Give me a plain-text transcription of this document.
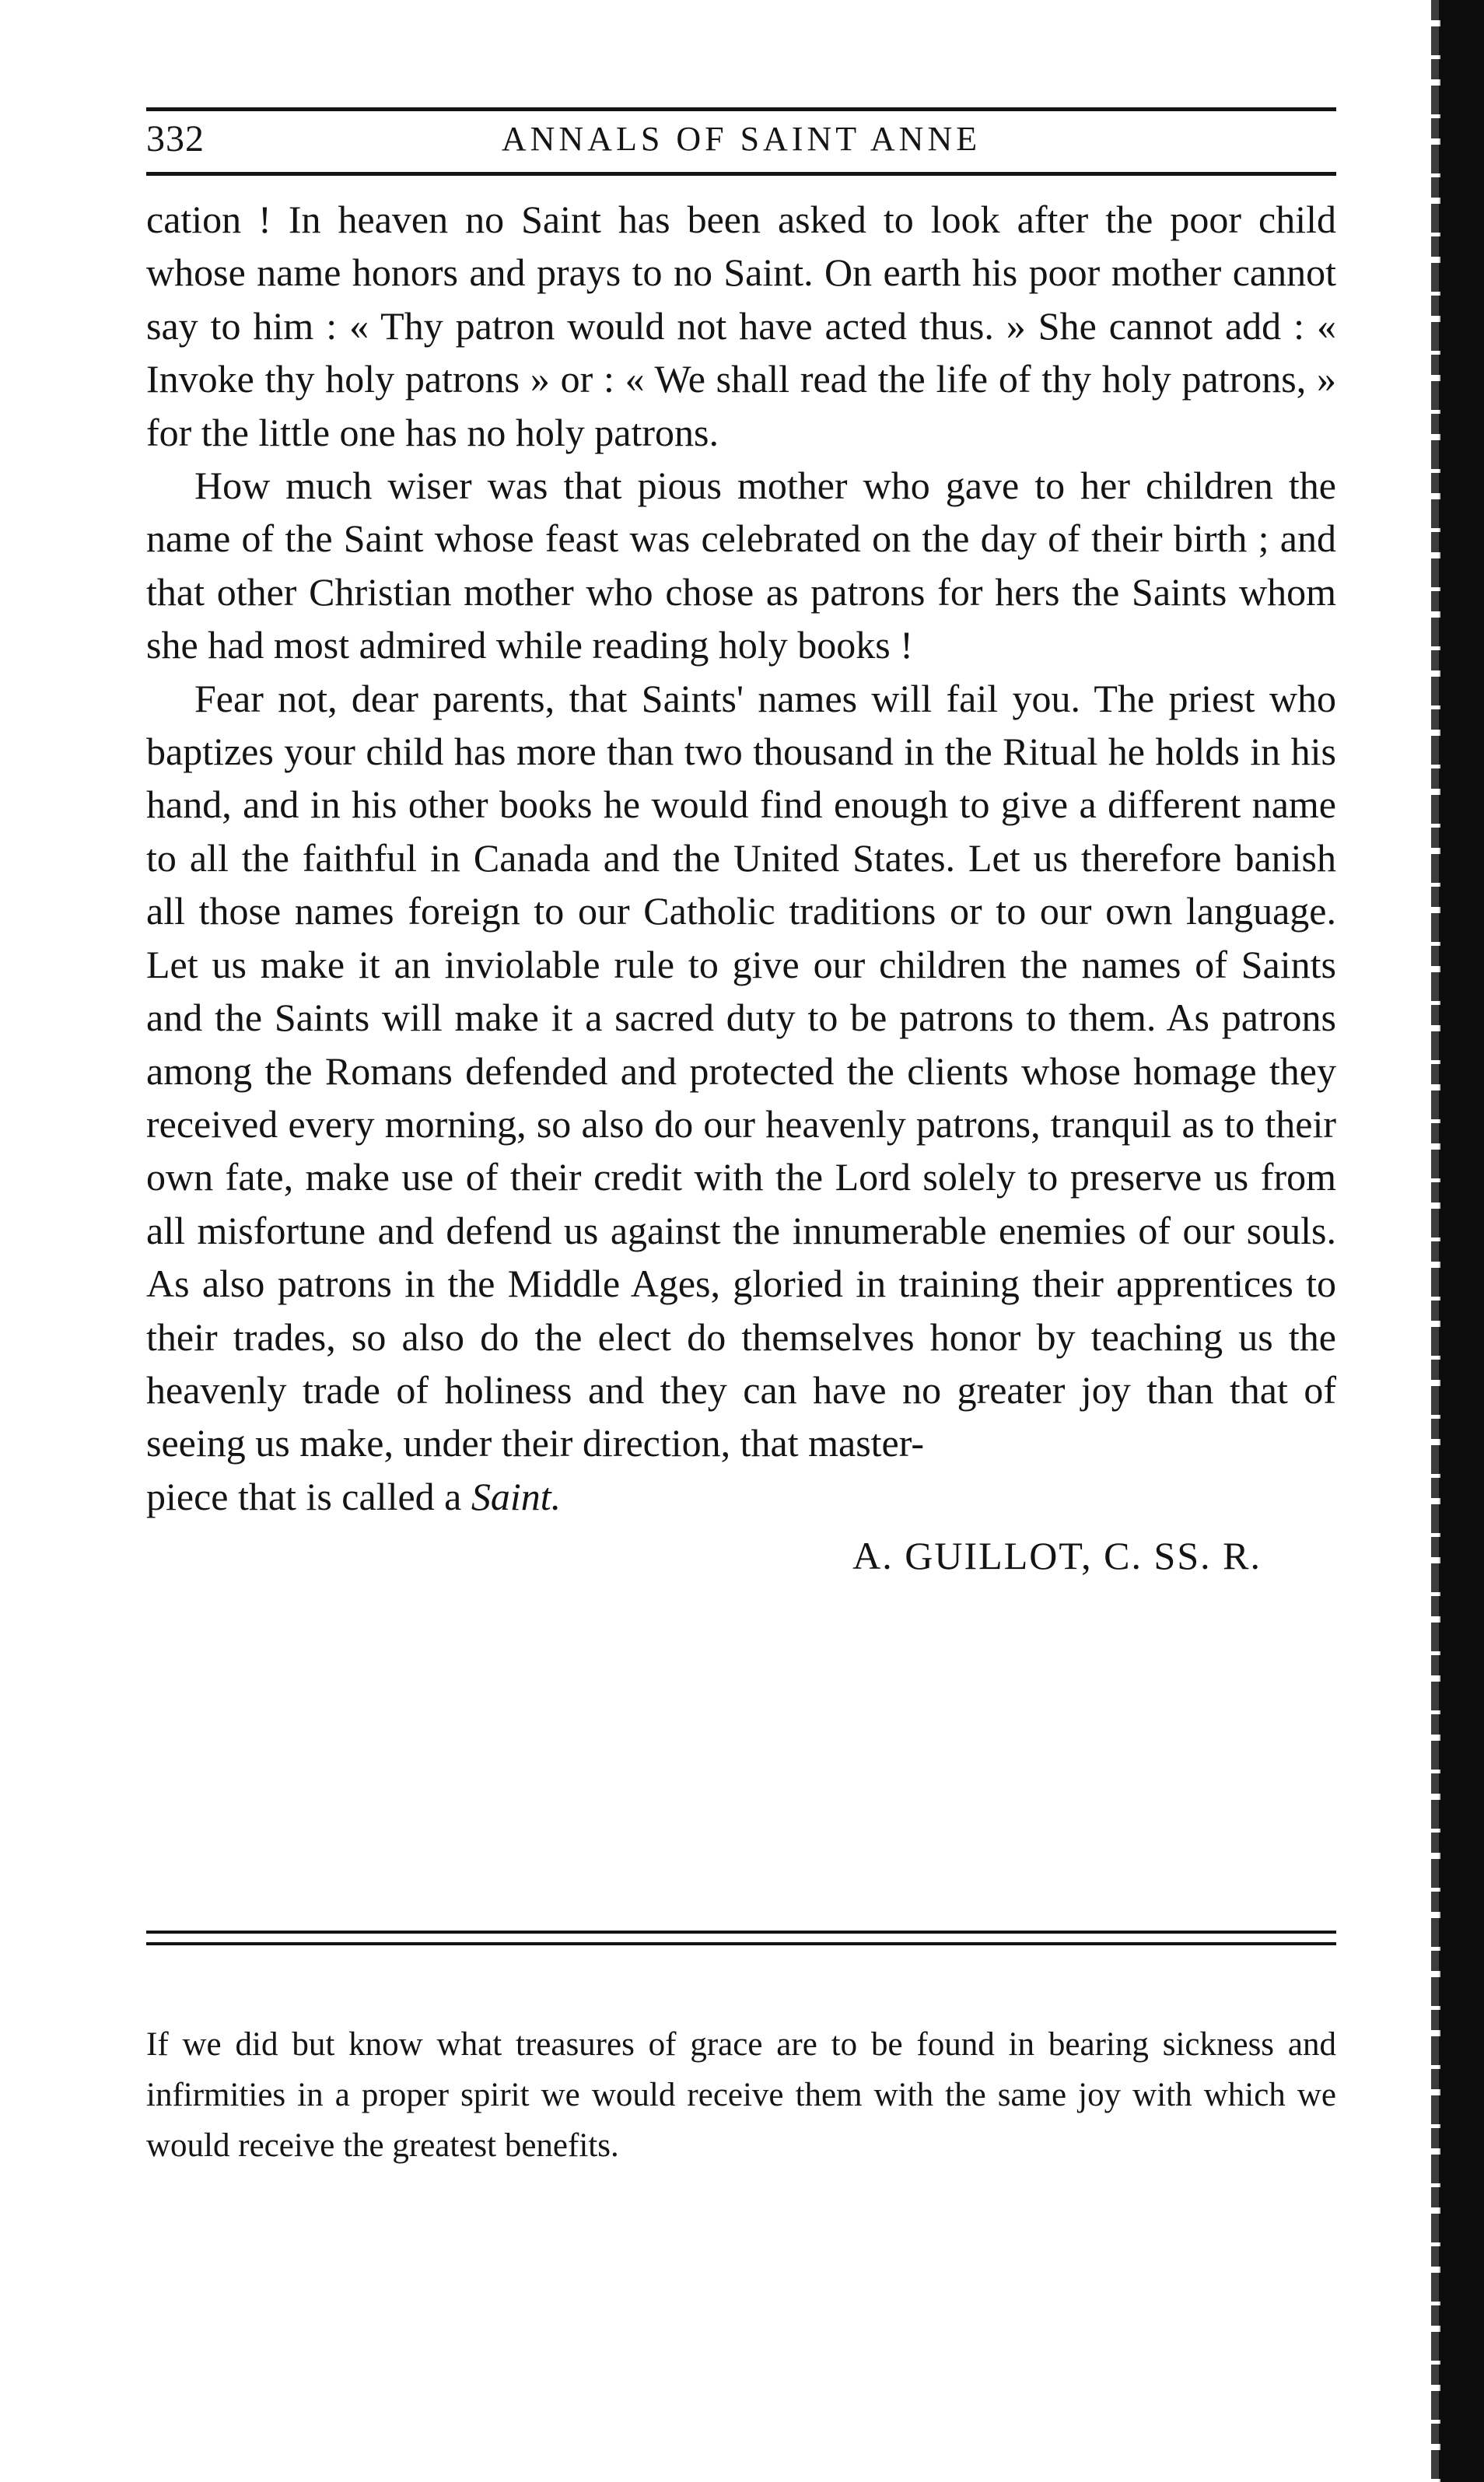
332	ANNALS OF SAINT ANNE

cation ! In heaven no Saint has been asked to look after the poor child whose name honors and prays to no Saint. On earth his poor mother cannot say to him : « Thy patron would not have acted thus. » She cannot add : « Invoke thy holy patrons » or : « We shall read the life of thy holy patrons, » for the little one has no holy patrons.

How much wiser was that pious mother who gave to her children the name of the Saint whose feast was celebrated on the day of their birth ; and that other Christian mother who chose as patrons for hers the Saints whom she had most admired while reading holy books !

Fear not, dear parents, that Saints' names will fail you. The priest who baptizes your child has more than two thousand in the Ritual he holds in his hand, and in his other books he would find enough to give a different name to all the faithful in Canada and the United States. Let us therefore banish all those names foreign to our Catholic traditions or to our own language. Let us make it an inviolable rule to give our children the names of Saints and the Saints will make it a sacred duty to be patrons to them. As patrons among the Romans defended and protected the clients whose homage they received every morning, so also do our heavenly patrons, tranquil as to their own fate, make use of their credit with the Lord solely to preserve us from all misfortune and defend us against the innumerable enemies of our souls. As also patrons in the Middle Ages, gloried in training their apprentices to their trades, so also do the elect do themselves honor by teaching us the heavenly trade of holiness and they can have no greater joy than that of seeing us make, under their direction, that master-

piece that is called a Saint.

A. GUILLOT, C. SS. R.

If we did but know what treasures of grace are to be found in bearing sickness and infirmities in a proper spirit we would receive them with the same joy with which we would receive the greatest benefits.
